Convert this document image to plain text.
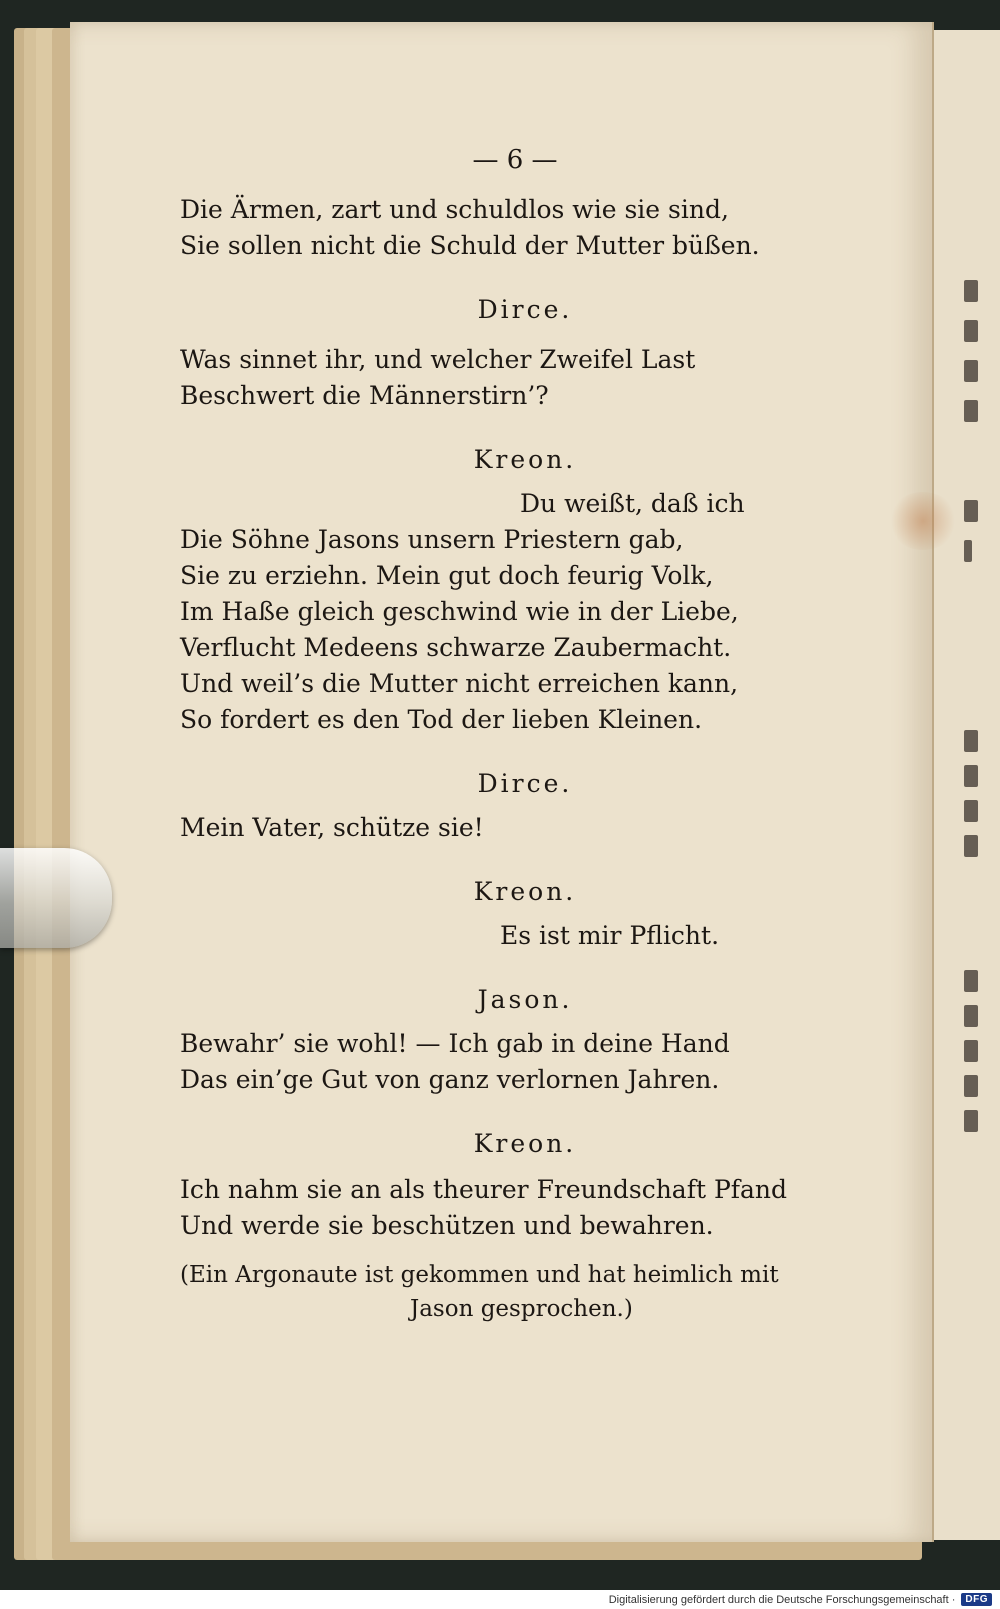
— 6 —
Die Ärmen, zart und schuldlos wie sie sind,
Sie sollen nicht die Schuld der Mutter büßen.
Dirce.
Was sinnet ihr, und welcher Zweifel Last
Beschwert die Männerstirn’?
Kreon.
Du weißt, daß ich
Die Söhne Jasons unsern Priestern gab,
Sie zu erziehn. Mein gut doch feurig Volk,
Im Haße gleich geschwind wie in der Liebe,
Verflucht Medeens schwarze Zaubermacht.
Und weil’s die Mutter nicht erreichen kann,
So fordert es den Tod der lieben Kleinen.
Dirce.
Mein Vater, schütze sie!
Kreon.
Es ist mir Pflicht.
Jason.
Bewahr’ sie wohl! — Ich gab in deine Hand
Das ein’ge Gut von ganz verlornen Jahren.
Kreon.
Ich nahm sie an als theurer Freundschaft Pfand
Und werde sie beschützen und bewahren.
(Ein Argonaute ist gekommen und hat heimlich mit
Jason gesprochen.)
Digitalisierung gefördert durch die Deutsche Forschungsgemeinschaft ·	DFG
